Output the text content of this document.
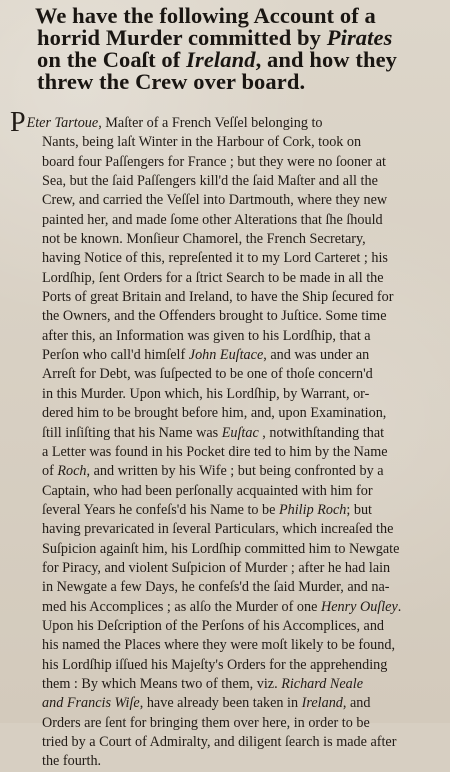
We have the following Account of a
horrid Murder committed by Pirates
on the Coaſt of Ireland, and how they
threw the Crew over board.
PEter Tartoue, Maſter of a French Veſſel belonging to
Nants, being laſt Winter in the Harbour of Cork, took on
board four Paſſengers for France ; but they were no ſooner at
Sea, but the ſaid Paſſengers kill'd the ſaid Maſter and all the
Crew, and carried the Veſſel into Dartmouth, where they new
painted her, and made ſome other Alterations that ſhe ſhould
not be known. Monſieur Chamorel, the French Secretary,
having Notice of this, repreſented it to my Lord Carteret ; his
Lordſhip, ſent Orders for a ſtrict Search to be made in all the
Ports of great Britain and Ireland, to have the Ship ſecured for
the Owners, and the Offenders brought to Juſtice. Some time
after this, an Information was given to his Lordſhip, that a
Perſon who call'd himſelf John Euſtace, and was under an
Arreſt for Debt, was ſuſpected to be one of thoſe concern'd
in this Murder. Upon which, his Lordſhip, by Warrant, or-
dered him to be brought before him, and, upon Examination,
ſtill inſiſting that his Name was Euſtac , notwithſtanding that
a Letter was found in his Pocket dire ted to him by the Name
of Roch, and written by his Wife ; but being confronted by a
Captain, who had been perſonally acquainted with him for
ſeveral Years he confeſs'd his Name to be Philip Roch; but
having prevaricated in ſeveral Particulars, which increaſed the
Suſpicion againſt him, his Lordſhip committed him to Newgate
for Piracy, and violent Suſpicion of Murder ; after he had lain
in Newgate a few Days, he confeſs'd the ſaid Murder, and na-
med his Accomplices ; as alſo the Murder of one Henry Ouſley.
Upon his Deſcription of the Perſons of his Accomplices, and
his named the Places where they were moſt likely to be found,
his Lordſhip iſſued his Majeſty's Orders for the apprehending
them : By which Means two of them, viz. Richard Neale
and Francis Wiſe, have already been taken in Ireland, and
Orders are ſent for bringing them over here, in order to be
tried by a Court of Admiralty, and diligent ſearch is made after
the fourth.
